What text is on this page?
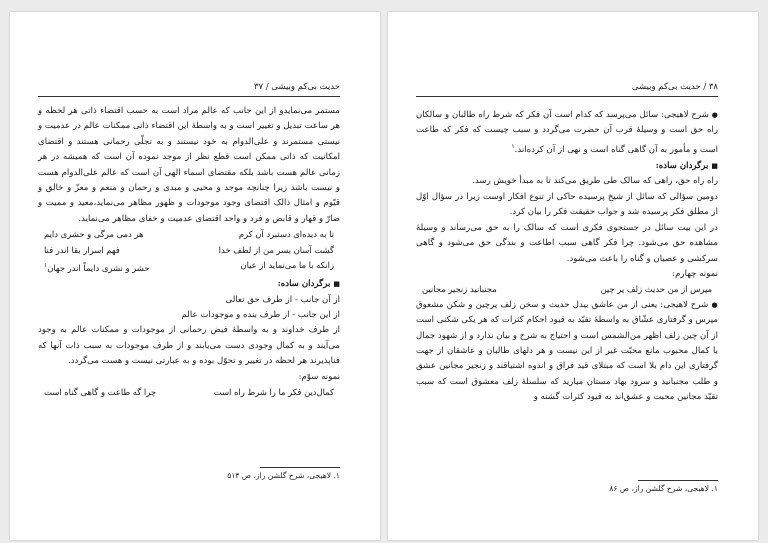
حدیث بی‌کم وبیشی / ۳۷

مستمر می‌نمایدو از این جانب که عالم مراد است به حسب اقتضاء ذاتی هر لحظه و هر ساعت تبدیل و تغییر است و به واسطهٔ این اقتضاء ذاتی ممکنات عالم در عدمیت و نیستی مستمرند و علی‌الدوام به خود نیستند و به تجلّی رحمانی هستند و اقتضای امکانیت که ذاتی ممکن است قطع نظر از موجد نموده آن است که همیشه در هر زمانی عالم هست باشد بلکه مقتضای اسماء الهی آن است که عالم علی‌الدوام هست و نیست باشد زیرا چنانچه موجد و محیی و مبدی و رحمان و منعم و معزّ و خالق و قیّوم و امثال ذالک اقتضای وجود موجودات و ظهور مظاهر می‌نماید،معید و ممیت و ضارّ و قهار و قابض و فرد و واحد اقتضای عدمیت و خفای مظاهر می‌نماید.

تا به دیده‌ای دستبرد آن کرم
هر دمی مرگی و حشری دایم
گشت آسان بسر من از لطف خدا
فهم اسرار بقا اندر فنا
زانکه با ما می‌نماید از عیان
حشر و نشری دایماً اندر جهان$^۱$

■ برگردان ساده:

از آن جانب - از طرف حق تعالی

از این جانب - از طرف بنده و موجودات عالم

از طرف خداوند و به واسطهٔ فیض رحمانی از موجودات و ممکنات عالم به وجود می‌آیند و به کمال وجودی دست می‌یابند و از طرف موجودات به سبب ذات آنها که فناپذیرند هر لحظه در تغییر و تحوّل بوده و به عبارتی نیست و هست می‌گردد.

نمونه سوّم:

کمال‌دین فکر ما را شرط راه است
چرا گه طاعت و گاهی گناه است
۱. لاهیجی، شرح گلشن راز، ص ۵۱۴
۳۸ / حدیث بی‌کم وبیشی

● شرح لاهیجی: سائل می‌پرسد که کدام است آن فکر که شرط راه طالبان و سالکان راه حق است و وسیلهٔ قرب آن حضرت می‌گردد و سبب چیست که فکر که طاعت است و مأمور به آن گاهی گناه است و نهی از آن کرده‌اند.$^۱$

■ برگردان ساده:

راه راه حق، راهی که سالک طی طریق می‌کند تا به مبدأ خویش رسد.

دومین سؤالی که سائل از شیخ پرسیده حاکی از تنوع افکار اوست زیرا در سؤال اوّل از مطلق فکر پرسیده شد و جواب حقیقت فکر را بیان کرد.

در این بیت سائل در جستجوی فکری است که سالک را به حق می‌رساند و وسیلهٔ مشاهده حق می‌شود. چرا فکر گاهی سبب اطاعت و بندگی حق می‌شود و گاهی سرکشی و عصیان و گناه را باعث می‌شود.

نمونه چهارم:

مپرس از من حدیث زلف پر چین
مجنبانید زنجیر مجانین

● شرح لاهیجی: یعنی از من عاشق بیدل حدیث و سخن زلف پرچین و شکن مشعوق مپرس و گرفتاری عشّاق به واسطهٔ تقیّد به قیود احکام کثرات که هر یکی شکنی است از آن چین زلف اظهر من‌الشمس است و احتیاج به شرح و بیان ندارد و از شهود جمال با کمال محبوب مانع محبّت غیر از این نیست و هر دلهای طالبان و عاشقان از جهت گرفتاری این دام بلا است که مبتلای قید فراق و اندوه اشتیاقند و زنجیر مجانین عشق و طلب مجنبانید و سرود بهاد مستان میارید که سلسلهٔ زلف معشوق است که سبب تقیّد مجانین محبت و عشق‌اند به قیود کثرات گشته و

۱. لاهیجی، شرح گلشن راز، ص ۸۶
